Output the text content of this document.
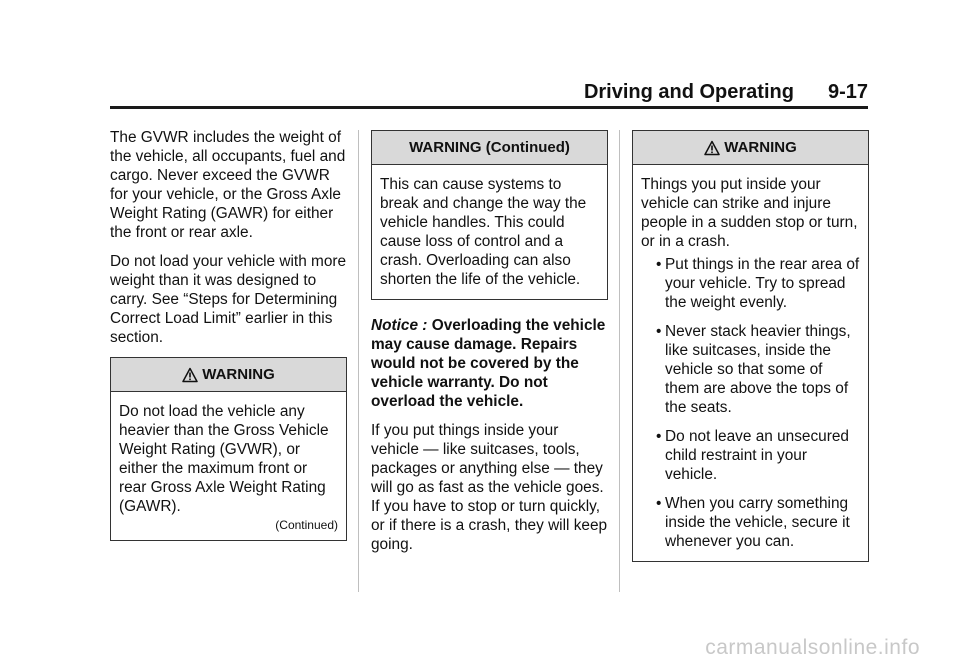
Driving and Operating 9-17

The GVWR includes the weight of the vehicle, all occupants, fuel and cargo. Never exceed the GVWR for your vehicle, or the Gross Axle Weight Rating (GAWR) for either the front or rear axle.

Do not load your vehicle with more weight than it was designed to carry. See “Steps for Determining Correct Load Limit” earlier in this section.

WARNING
Do not load the vehicle any heavier than the Gross Vehicle Weight Rating (GVWR), or either the maximum front or rear Gross Axle Weight Rating (GAWR).
(Continued)
WARNING (Continued)
This can cause systems to break and change the way the vehicle handles. This could cause loss of control and a crash. Overloading can also shorten the life of the vehicle.

Notice : Overloading the vehicle may cause damage. Repairs would not be covered by the vehicle warranty. Do not overload the vehicle.

If you put things inside your vehicle — like suitcases, tools, packages or anything else — they will go as fast as the vehicle goes. If you have to stop or turn quickly, or if there is a crash, they will keep going.

WARNING
Things you put inside your vehicle can strike and injure people in a sudden stop or turn, or in a crash.
• Put things in the rear area of your vehicle. Try to spread the weight evenly.
• Never stack heavier things, like suitcases, inside the vehicle so that some of them are above the tops of the seats.
• Do not leave an unsecured child restraint in your vehicle.
• When you carry something inside the vehicle, secure it whenever you can.
carmanualsonline.info
